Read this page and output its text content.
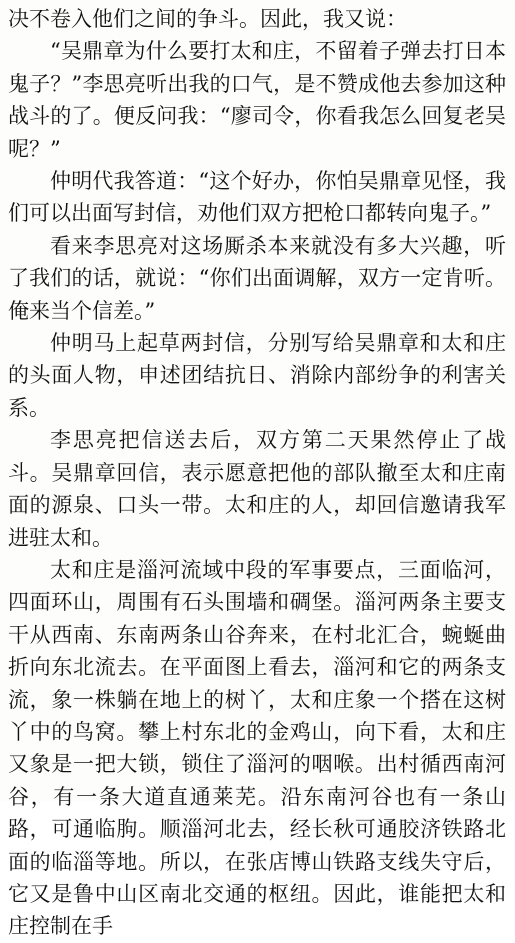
决不卷入他们之间的争斗。因此，我又说：

“吴鼎章为什么要打太和庄，不留着子弹去打日本鬼子？”李思亮听出我的口气，是不赞成他去参加这种战斗的了。便反问我：“廖司令，你看我怎么回复老吴呢？”

仲明代我答道：“这个好办，你怕吴鼎章见怪，我们可以出面写封信，劝他们双方把枪口都转向鬼子。”

看来李思亮对这场厮杀本来就没有多大兴趣，听了我们的话，就说：“你们出面调解，双方一定肯听。俺来当个信差。”

仲明马上起草两封信，分别写给吴鼎章和太和庄的头面人物，申述团结抗日、消除内部纷争的利害关系。

李思亮把信送去后，双方第二天果然停止了战斗。吴鼎章回信，表示愿意把他的部队撤至太和庄南面的源泉、口头一带。太和庄的人，却回信邀请我军进驻太和。

太和庄是淄河流域中段的军事要点，三面临河，四面环山，周围有石头围墙和碉堡。淄河两条主要支干从西南、东南两条山谷奔来，在村北汇合，蜿蜒曲折向东北流去。在平面图上看去，淄河和它的两条支流，象一株躺在地上的树丫，太和庄象一个搭在这树丫中的鸟窝。攀上村东北的金鸡山，向下看，太和庄又象是一把大锁，锁住了淄河的咽喉。出村循西南河谷，有一条大道直通莱芜。沿东南河谷也有一条山路，可通临朐。顺淄河北去，经长秋可通胶济铁路北面的临淄等地。所以，在张店博山铁路支线失守后，它又是鲁中山区南北交通的枢纽。因此，谁能把太和庄控制在手
